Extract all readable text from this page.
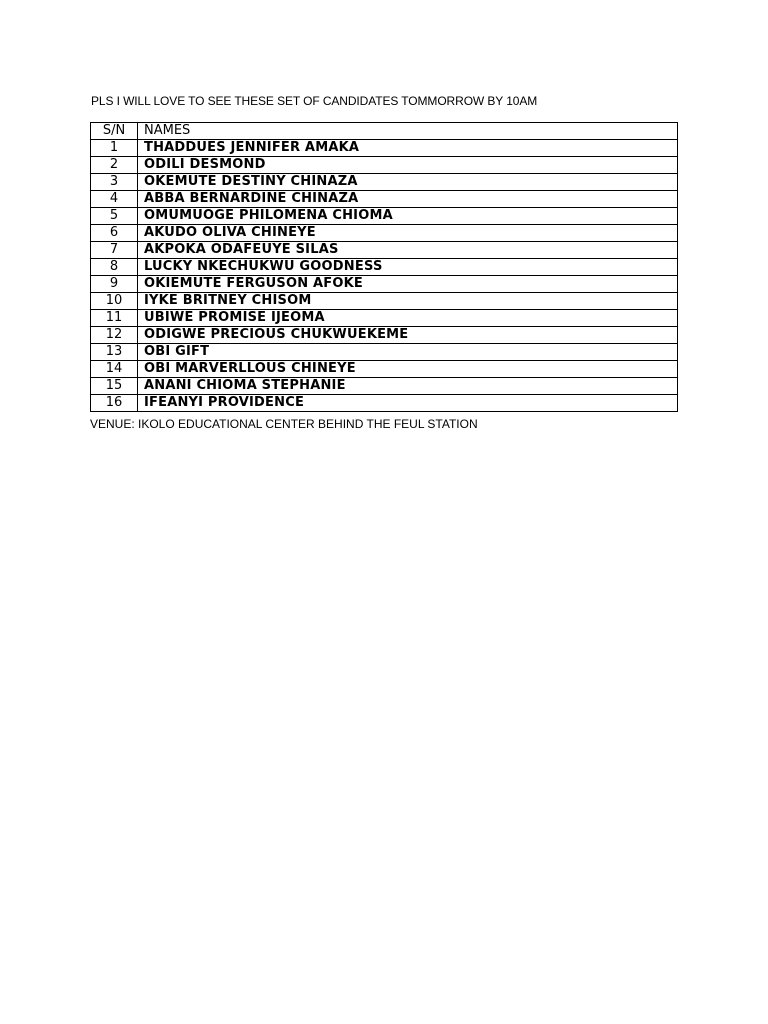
PLS I WILL LOVE TO SEE THESE SET OF CANDIDATES TOMMORROW BY 10AM
S/N	NAMES
1	THADDUES JENNIFER AMAKA
2	ODILI DESMOND
3	OKEMUTE DESTINY CHINAZA
4	ABBA BERNARDINE CHINAZA
5	OMUMUOGE PHILOMENA CHIOMA
6	AKUDO OLIVA CHINEYE
7	AKPOKA ODAFEUYE SILAS
8	LUCKY NKECHUKWU GOODNESS
9	OKIEMUTE FERGUSON AFOKE
10	IYKE BRITNEY CHISOM
11	UBIWE PROMISE IJEOMA
12	ODIGWE PRECIOUS CHUKWUEKEME
13	OBI GIFT
14	OBI MARVERLLOUS CHINEYE
15	ANANI CHIOMA STEPHANIE
16	IFEANYI PROVIDENCE
VENUE: IKOLO EDUCATIONAL CENTER BEHIND THE FEUL STATION
